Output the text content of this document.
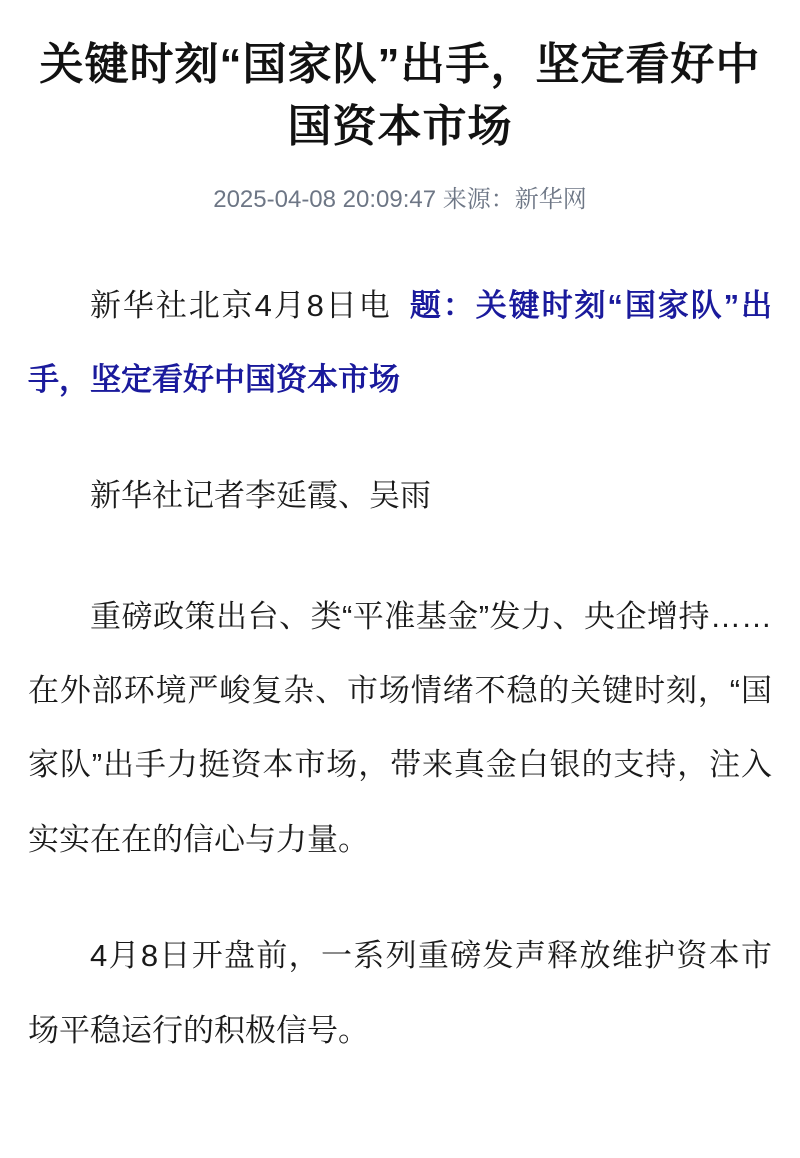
关键时刻“国家队”出手，坚定看好中国资本市场
2025-04-08 20:09:47 来源：新华网

新华社北京4月8日电 题：关键时刻“国家队”出手，坚定看好中国资本市场

新华社记者李延霞、吴雨

重磅政策出台、类“平准基金”发力、央企增持……在外部环境严峻复杂、市场情绪不稳的关键时刻，“国家队”出手力挺资本市场，带来真金白银的支持，注入实实在在的信心与力量。

4月8日开盘前，一系列重磅发声释放维护资本市场平稳运行的积极信号。
